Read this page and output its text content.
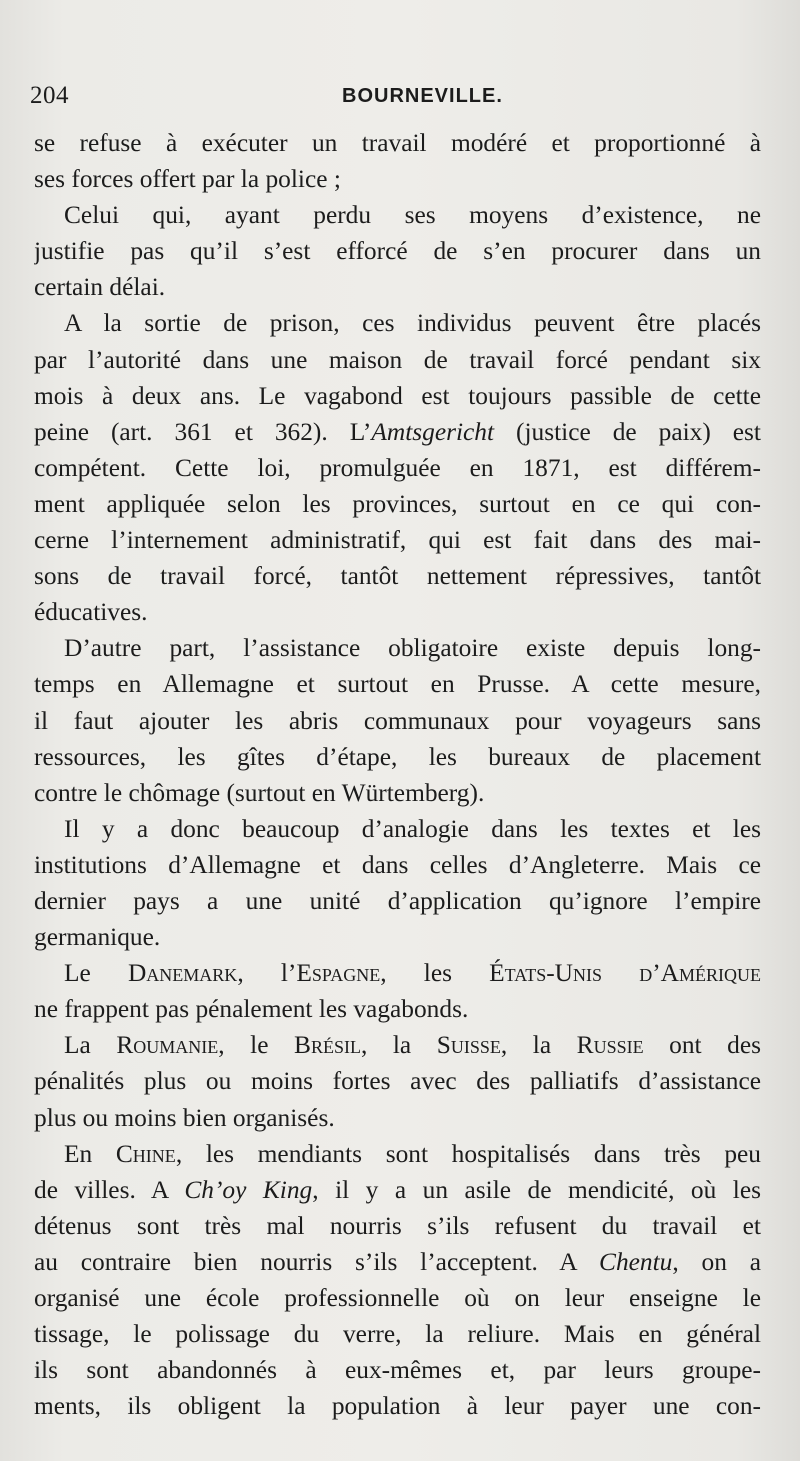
204	BOURNEVILLE.
se refuse à exécuter un travail modéré et proportionné à
ses forces offert par la police ;
Celui qui, ayant perdu ses moyens d’existence, ne
justifie pas qu’il s’est efforcé de s’en procurer dans un
certain délai.
A la sortie de prison, ces individus peuvent être placés
par l’autorité dans une maison de travail forcé pendant six
mois à deux ans. Le vagabond est toujours passible de cette
peine (art. 361 et 362). L’Amtsgericht (justice de paix) est
compétent. Cette loi, promulguée en 1871, est différem-
ment appliquée selon les provinces, surtout en ce qui con-
cerne l’internement administratif, qui est fait dans des mai-
sons de travail forcé, tantôt nettement répressives, tantôt
éducatives.
D’autre part, l’assistance obligatoire existe depuis long-
temps en Allemagne et surtout en Prusse. A cette mesure,
il faut ajouter les abris communaux pour voyageurs sans
ressources, les gîtes d’étape, les bureaux de placement
contre le chômage (surtout en Würtemberg).
Il y a donc beaucoup d’analogie dans les textes et les
institutions d’Allemagne et dans celles d’Angleterre. Mais ce
dernier pays a une unité d’application qu’ignore l’empire
germanique.
Le Danemark, l’Espagne, les États-Unis d’Amérique
ne frappent pas pénalement les vagabonds.
La Roumanie, le Brésil, la Suisse, la Russie ont des
pénalités plus ou moins fortes avec des palliatifs d’assistance
plus ou moins bien organisés.
En Chine, les mendiants sont hospitalisés dans très peu
de villes. A Ch’oy King, il y a un asile de mendicité, où les
détenus sont très mal nourris s’ils refusent du travail et
au contraire bien nourris s’ils l’acceptent. A Chentu, on a
organisé une école professionnelle où on leur enseigne le
tissage, le polissage du verre, la reliure. Mais en général
ils sont abandonnés à eux-mêmes et, par leurs groupe-
ments, ils obligent la population à leur payer une con-
